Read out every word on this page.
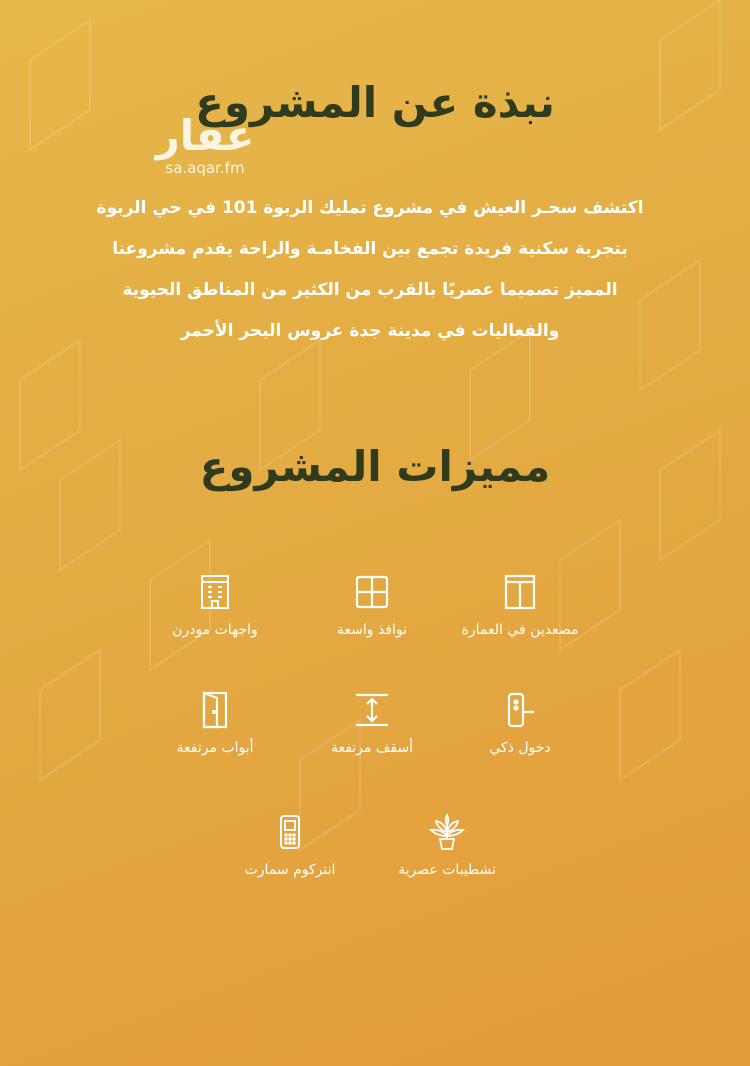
عقار
sa.aqar.fm
نبذة عن المشروع
اكتشف سحـر العيش في مشروع تمليك الربوة 101 في حي الربوة
بتجربة سكنية فريدة تجمع بين الفخامـة والراحة يقدم مشروعنا
المميز تصميما عصريًا بالقرب من الكثير من المناطق الحيوية
والفعاليات في مدينة جدة عروس البحر الأحمر
مميزات المشروع
مصعدين في العمارة
نوافذ واسعة
واجهات مودرن
دخول ذكي
أسقف مرتفعة
أبواب مرتفعة
تشطيبات عصرية
انتركوم سمارت
